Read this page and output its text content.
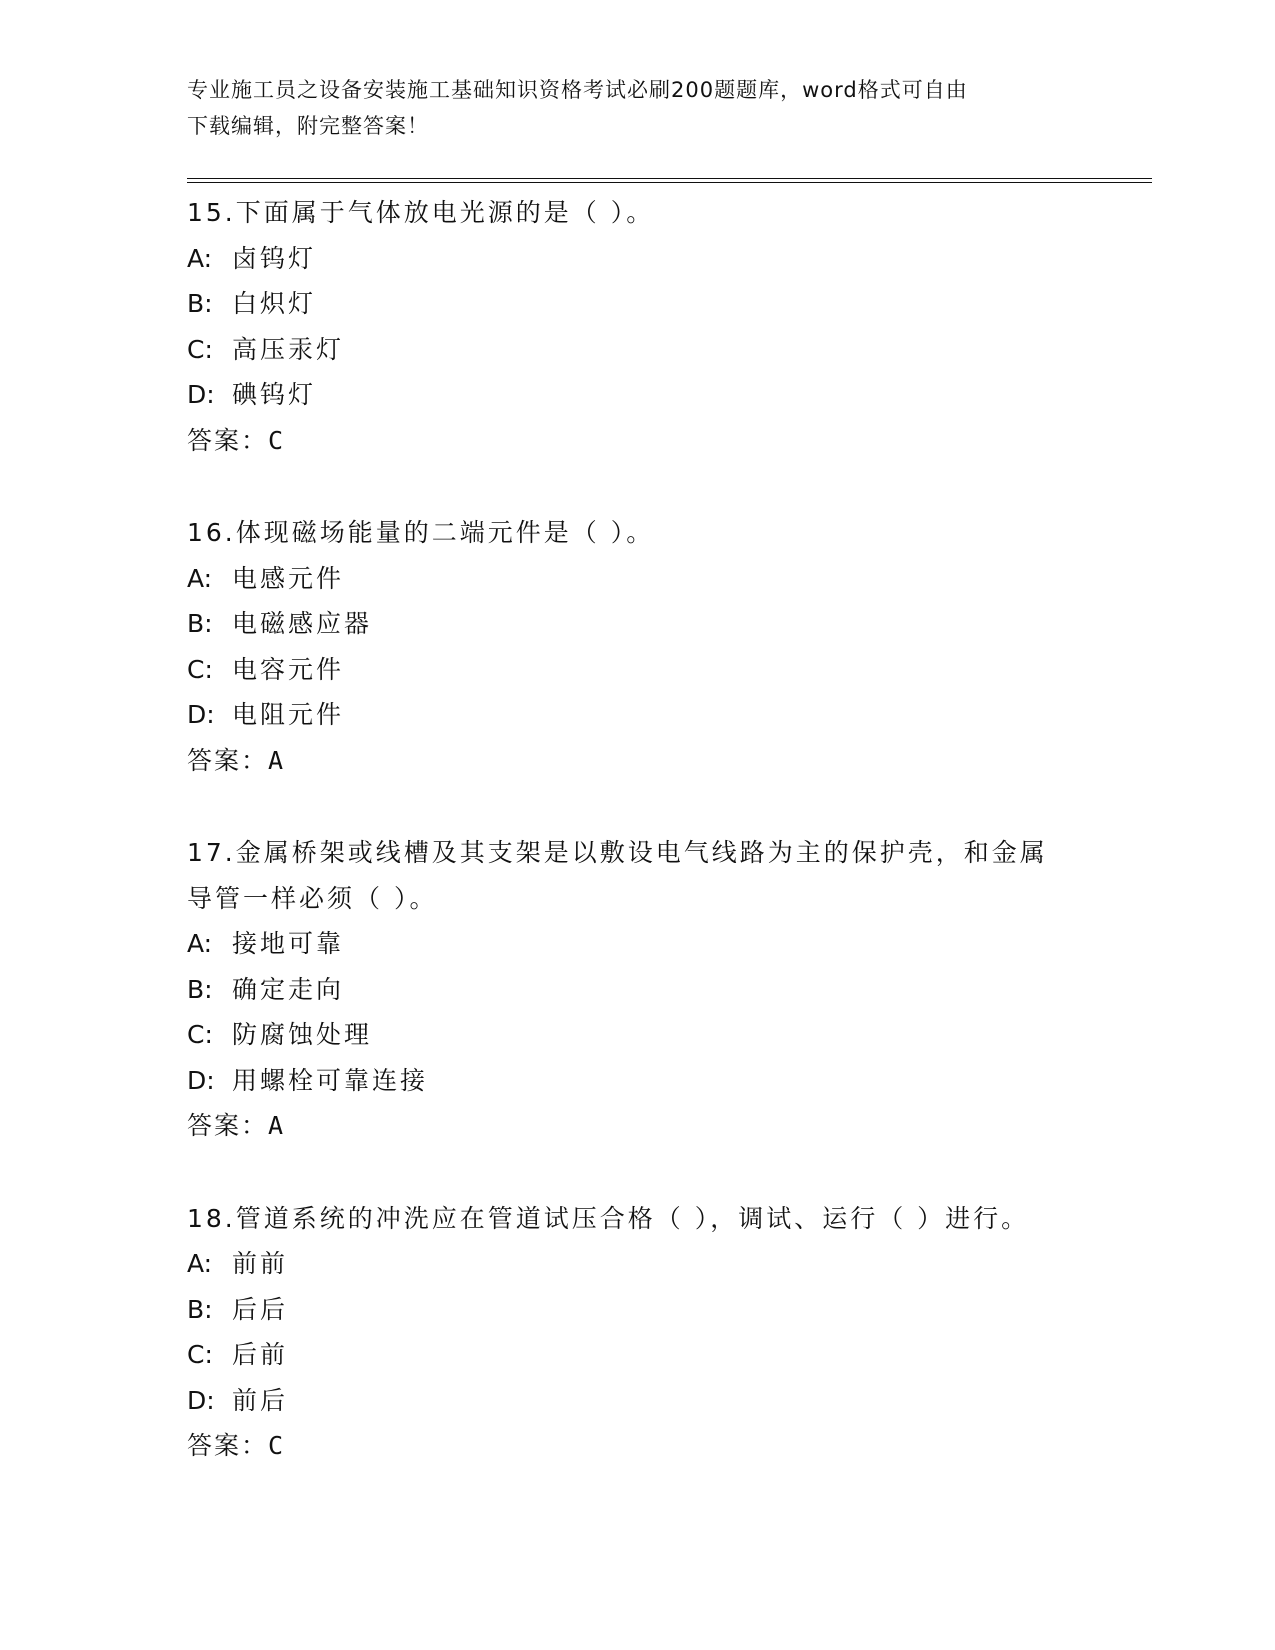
专业施工员之设备安装施工基础知识资格考试必刷200题题库，word格式可自由
下载编辑，附完整答案！
15.下面属于气体放电光源的是（ ）。
A: 卤钨灯
B: 白炽灯
C: 高压汞灯
D: 碘钨灯
答案：C
16.体现磁场能量的二端元件是（ ）。
A: 电感元件
B: 电磁感应器
C: 电容元件
D: 电阻元件
答案：A
17.金属桥架或线槽及其支架是以敷设电气线路为主的保护壳，和金属
导管一样必须（ ）。
A: 接地可靠
B: 确定走向
C: 防腐蚀处理
D: 用螺栓可靠连接
答案：A
18.管道系统的冲洗应在管道试压合格（ ），调试、运行（ ）进行。
A: 前前
B: 后后
C: 后前
D: 前后
答案：C
